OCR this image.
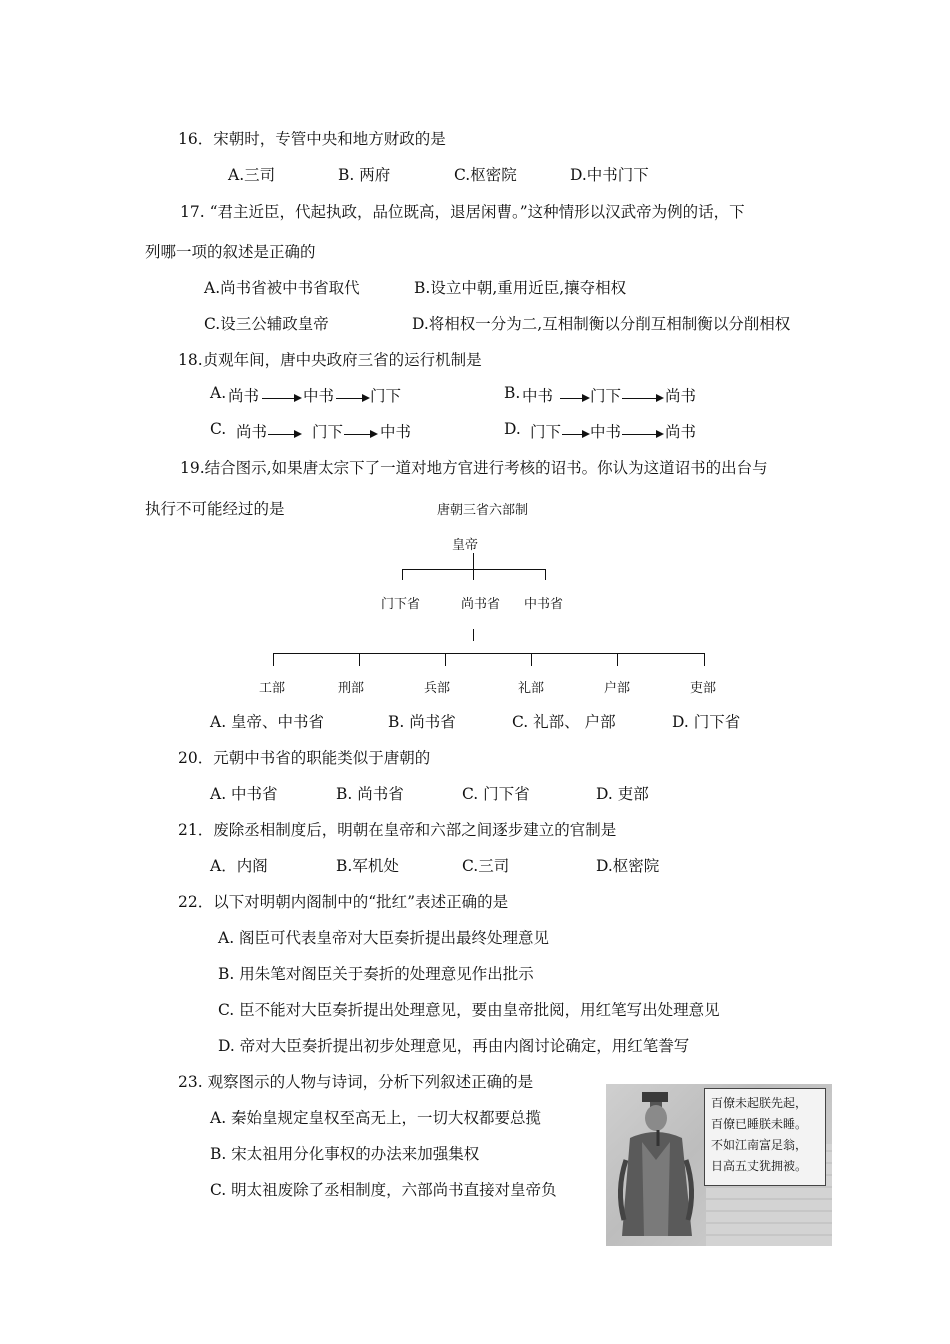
16．宋朝时，专管中央和地方财政的是
A.三司	B. 两府	C.枢密院	D.中书门下
17. “君主近臣，代起执政，品位既高，退居闲曹。”这种情形以汉武帝为例的话，下
列哪一项的叙述是正确的
A.尚书省被中书省取代	B.设立中朝,重用近臣,攘夺相权
C.设三公辅政皇帝	D.将相权一分为二,互相制衡以分削互相制衡以分削相权
18.贞观年间，唐中央政府三省的运行机制是
A. 尚书	中书 门下	B. 中书 门下	尚书
C. 尚书	门下 中书	D. 门下 中书	尚书
19.结合图示,如果唐太宗下了一道对地方官进行考核的诏书。你认为这道诏书的出台与
执行不可能经过的是	唐朝三省六部制
皇帝
门下省	尚书省 中书省
工部	刑部	兵部	礼部	户部	吏部
A. 皇帝、中书省	B. 尚书省	C. 礼部、 户部	D. 门下省
20．元朝中书省的职能类似于唐朝的
A. 中书省	B. 尚书省	C. 门下省	D. 吏部
21．废除丞相制度后，明朝在皇帝和六部之间逐步建立的官制是
A．内阁	B.军机处	C.三司	D.枢密院
22．以下对明朝内阁制中的“批红”表述正确的是
A. 阁臣可代表皇帝对大臣奏折提出最终处理意见
B. 用朱笔对阁臣关于奏折的处理意见作出批示
C. 臣不能对大臣奏折提出处理意见，要由皇帝批阅，用红笔写出处理意见
D. 帝对大臣奏折提出初步处理意见，再由内阁讨论确定，用红笔誊写
23. 观察图示的人物与诗词，分析下列叙述正确的是
A. 秦始皇规定皇权至高无上，一切大权都要总揽
B. 宋太祖用分化事权的办法来加强集权
C. 明太祖废除了丞相制度，六部尚书直接对皇帝负
百僚未起朕先起，
百僚已睡朕未睡。
不如江南富足翁，
日高五丈犹拥被。
